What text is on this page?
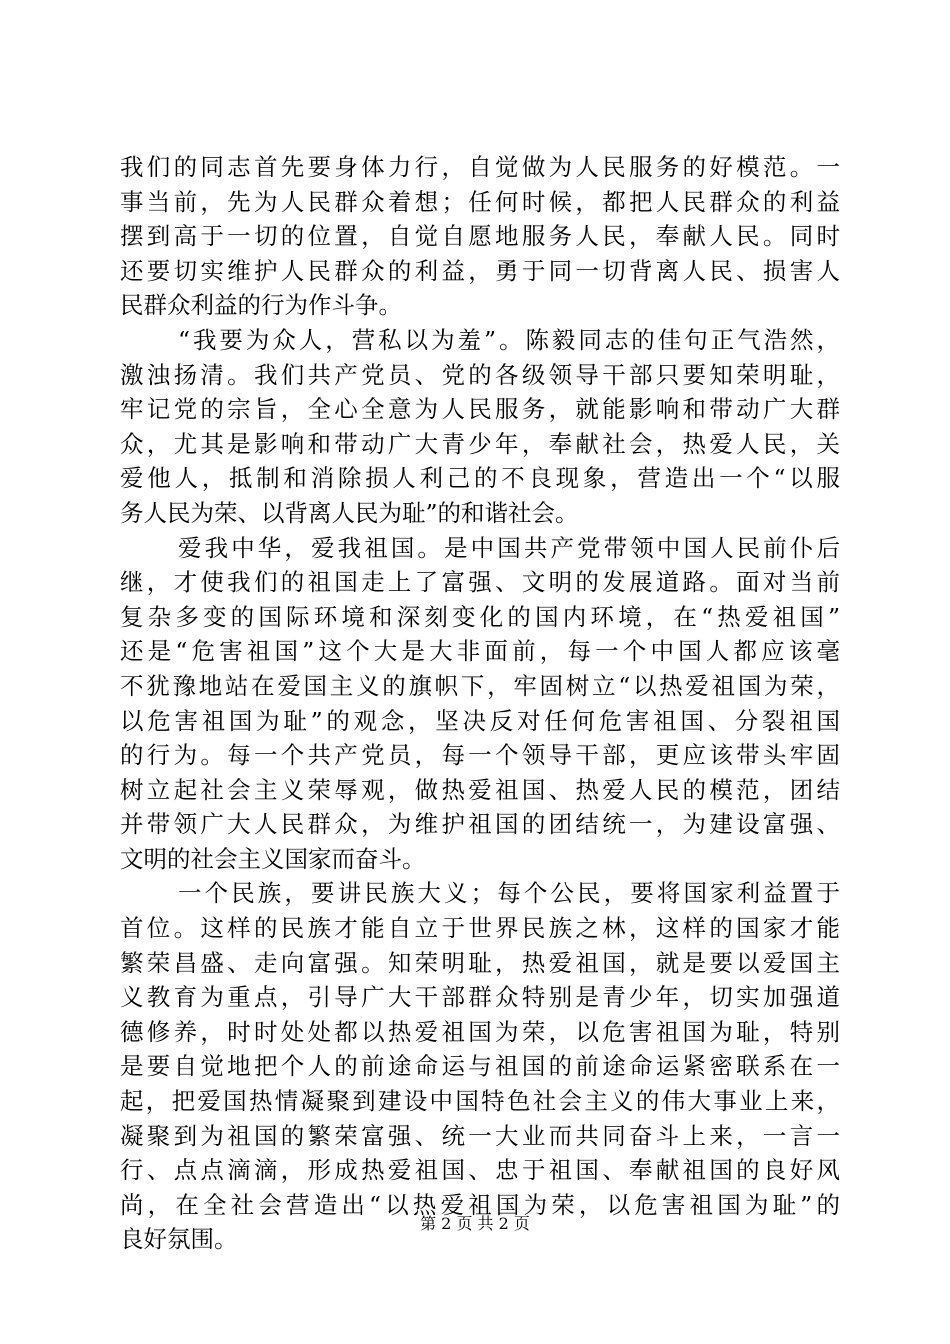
我们的同志首先要身体力行，自觉做为人民服务的好模范。一
事当前，先为人民群众着想；任何时候，都把人民群众的利益
摆到高于一切的位置，自觉自愿地服务人民，奉献人民。同时
还要切实维护人民群众的利益，勇于同一切背离人民、损害人
民群众利益的行为作斗争。
“我要为众人，营私以为羞”。陈毅同志的佳句正气浩然，
激浊扬清。我们共产党员、党的各级领导干部只要知荣明耻，
牢记党的宗旨，全心全意为人民服务，就能影响和带动广大群
众，尤其是影响和带动广大青少年，奉献社会，热爱人民，关
爱他人，抵制和消除损人利己的不良现象，营造出一个“以服
务人民为荣、以背离人民为耻”的和谐社会。
爱我中华，爱我祖国。是中国共产党带领中国人民前仆后
继，才使我们的祖国走上了富强、文明的发展道路。面对当前
复杂多变的国际环境和深刻变化的国内环境，在“热爱祖国”
还是“危害祖国”这个大是大非面前，每一个中国人都应该毫
不犹豫地站在爱国主义的旗帜下，牢固树立“以热爱祖国为荣，
以危害祖国为耻”的观念，坚决反对任何危害祖国、分裂祖国
的行为。每一个共产党员，每一个领导干部，更应该带头牢固
树立起社会主义荣辱观，做热爱祖国、热爱人民的模范，团结
并带领广大人民群众，为维护祖国的团结统一，为建设富强、
文明的社会主义国家而奋斗。
一个民族，要讲民族大义；每个公民，要将国家利益置于
首位。这样的民族才能自立于世界民族之林，这样的国家才能
繁荣昌盛、走向富强。知荣明耻，热爱祖国，就是要以爱国主
义教育为重点，引导广大干部群众特别是青少年，切实加强道
德修养，时时处处都以热爱祖国为荣，以危害祖国为耻，特别
是要自觉地把个人的前途命运与祖国的前途命运紧密联系在一
起，把爱国热情凝聚到建设中国特色社会主义的伟大事业上来，
凝聚到为祖国的繁荣富强、统一大业而共同奋斗上来，一言一
行、点点滴滴，形成热爱祖国、忠于祖国、奉献祖国的良好风
尚，在全社会营造出“以热爱祖国为荣，以危害祖国为耻”的
良好氛围。
第 2 页 共 2 页
